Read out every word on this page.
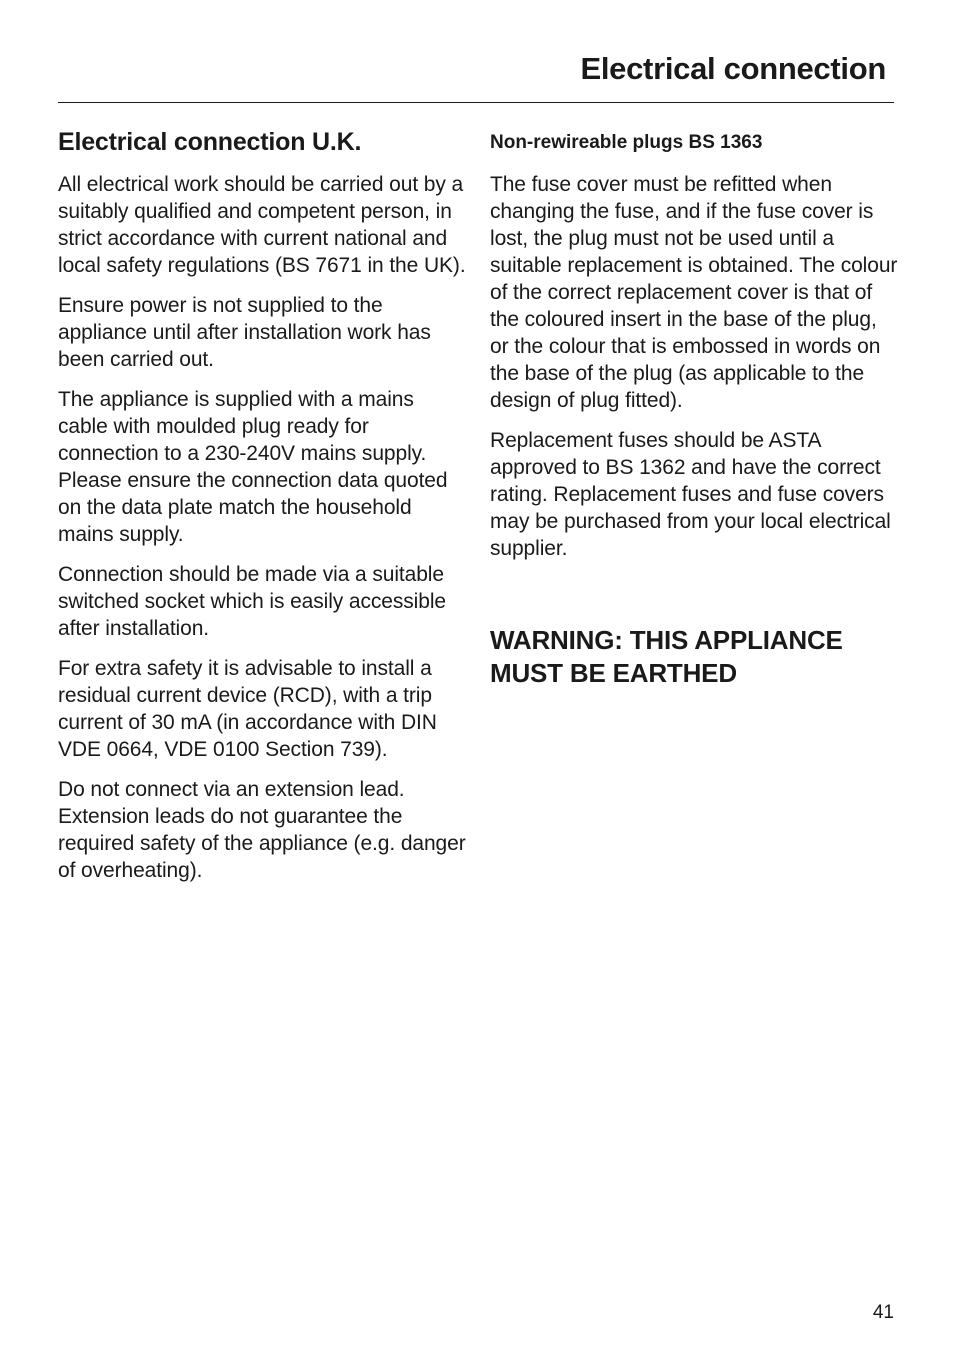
Electrical connection
Electrical connection U.K.

All electrical work should be carried out by a suitably qualified and competent person, in strict accordance with current national and local safety regulations (BS 7671 in the UK).

Ensure power is not supplied to the appliance until after installation work has been carried out.

The appliance is supplied with a mains cable with moulded plug ready for connection to a 230-240V mains supply. Please ensure the connection data quoted on the data plate match the household mains supply.

Connection should be made via a suitable switched socket which is easily accessible after installation.

For extra safety it is advisable to install a residual current device (RCD), with a trip current of 30 mA (in accordance with DIN VDE 0664, VDE 0100 Section 739).

Do not connect via an extension lead. Extension leads do not guarantee the required safety of the appliance (e.g. danger of overheating).

Non-rewireable plugs BS 1363

The fuse cover must be refitted when changing the fuse, and if the fuse cover is lost, the plug must not be used until a suitable replacement is obtained. The colour of the correct replacement cover is that of the coloured insert in the base of the plug, or the colour that is embossed in words on the base of the plug (as applicable to the design of plug fitted).

Replacement fuses should be ASTA approved to BS 1362 and have the correct rating. Replacement fuses and fuse covers may be purchased from your local electrical supplier.

WARNING: THIS APPLIANCE
MUST BE EARTHED
41
